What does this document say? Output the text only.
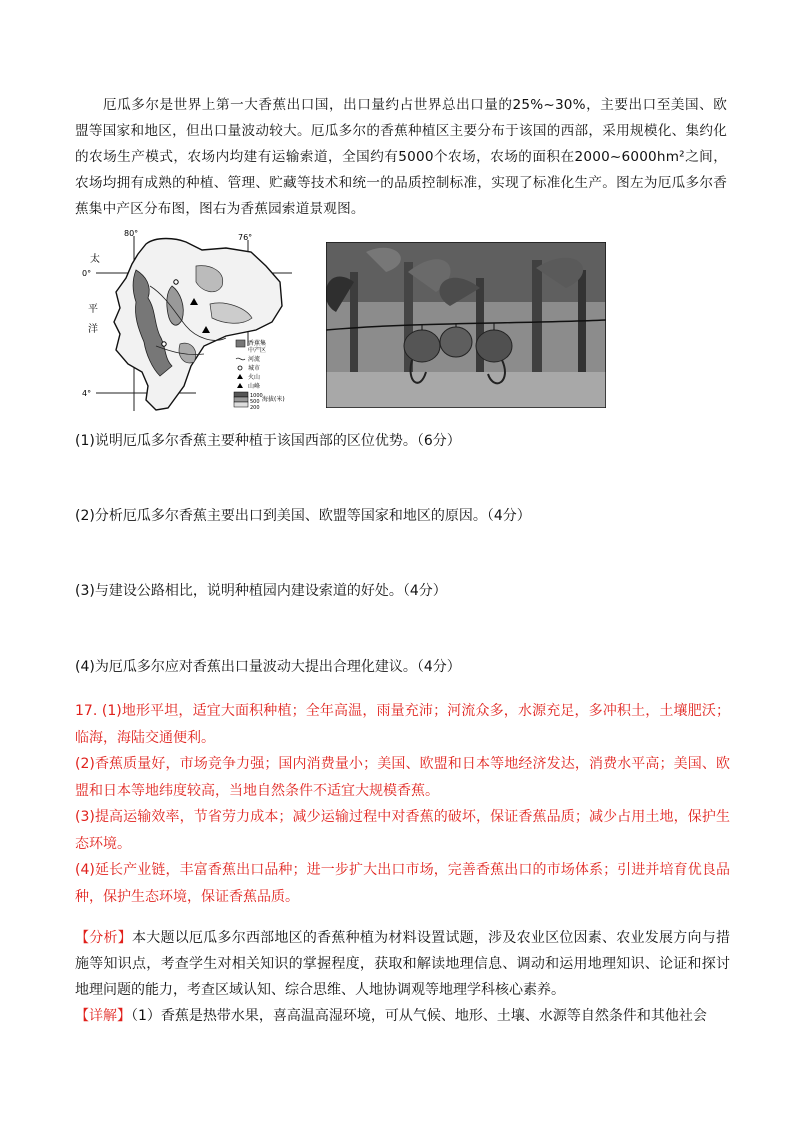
厄瓜多尔是世界上第一大香蕉出口国，出口量约占世界总出口量的25%~30%，主要出口至美国、欧盟等国家和地区，但出口量波动较大。厄瓜多尔的香蕉种植区主要分布于该国的西部，采用规模化、集约化的农场生产模式，农场内均建有运输索道，全国约有5000个农场，农场的面积在2000~6000hm²之间，农场均拥有成熟的种植、管理、贮藏等技术和统一的品质控制标准，实现了标准化生产。图左为厄瓜多尔香蕉集中产区分布图，图右为香蕉园索道景观图。

80°	76°
0°
4°
太
平
洋
香蕉集
中产区
河流
城市
火山
山峰
1000
500
200
海拔(米)
(1)说明厄瓜多尔香蕉主要种植于该国西部的区位优势。（6分）
(2)分析厄瓜多尔香蕉主要出口到美国、欧盟等国家和地区的原因。（4分）
(3)与建设公路相比，说明种植园内建设索道的好处。（4分）
(4)为厄瓜多尔应对香蕉出口量波动大提出合理化建议。（4分）

17. (1)地形平坦，适宜大面积种植；全年高温，雨量充沛；河流众多，水源充足，多冲积土，土壤肥沃；临海，海陆交通便利。

(2)香蕉质量好，市场竞争力强；国内消费量小；美国、欧盟和日本等地经济发达，消费水平高；美国、欧盟和日本等地纬度较高，当地自然条件不适宜大规模香蕉。

(3)提高运输效率，节省劳力成本；减少运输过程中对香蕉的破坏，保证香蕉品质；减少占用土地，保护生态环境。

(4)延长产业链，丰富香蕉出口品种；进一步扩大出口市场，完善香蕉出口的市场体系；引进并培育优良品种，保护生态环境，保证香蕉品质。

【分析】本大题以厄瓜多尔西部地区的香蕉种植为材料设置试题，涉及农业区位因素、农业发展方向与措施等知识点，考查学生对相关知识的掌握程度，获取和解读地理信息、调动和运用地理知识、论证和探讨地理问题的能力，考查区域认知、综合思维、人地协调观等地理学科核心素养。

【详解】（1）香蕉是热带水果，喜高温高湿环境，可从气候、地形、土壤、水源等自然条件和其他社会
